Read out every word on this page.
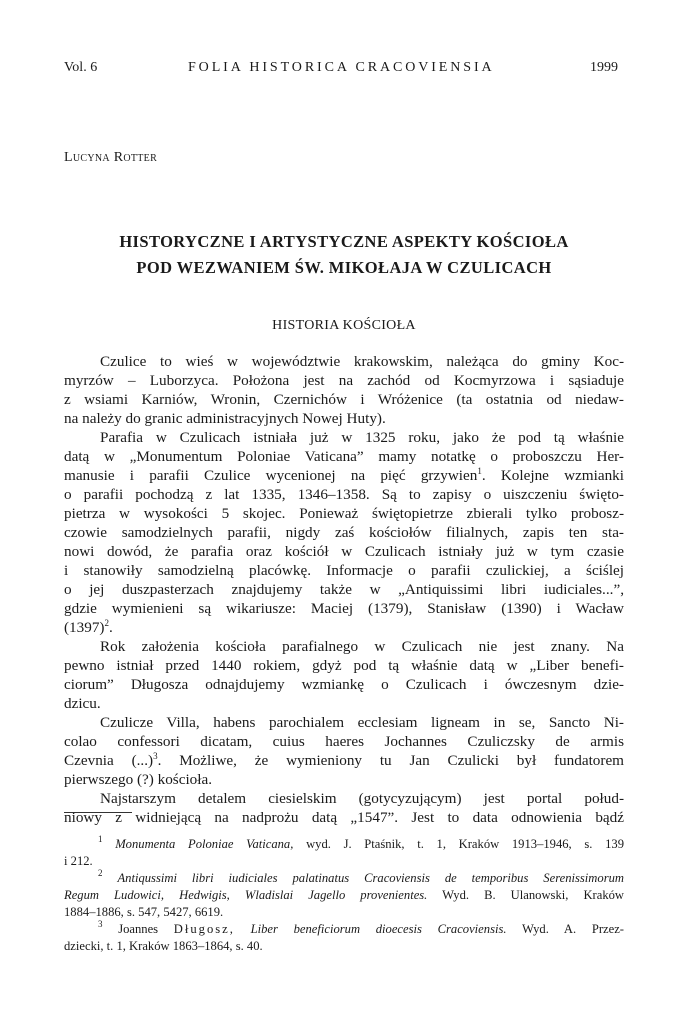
Vol. 6	FOLIA HISTORICA CRACOVIENSIA	1999
Lucyna Rotter
HISTORYCZNE I ARTYSTYCZNE ASPEKTY KOŚCIOŁA
POD WEZWANIEM ŚW. MIKOŁAJA W CZULICACH
HISTORIA KOŚCIOŁA
Czulice to wieś w województwie krakowskim, należąca do gminy Koc-
myrzów – Luborzyca. Położona jest na zachód od Kocmyrzowa i sąsiaduje
z wsiami Karniów, Wronin, Czernichów i Wróżenice (ta ostatnia od niedaw-
na należy do granic administracyjnych Nowej Huty).
Parafia w Czulicach istniała już w 1325 roku, jako że pod tą właśnie
datą w „Monumentum Poloniae Vaticana” mamy notatkę o proboszczu Her-
manusie i parafii Czulice wycenionej na pięć grzywien$^1$. Kolejne wzmianki
o parafii pochodzą z lat 1335, 1346–1358. Są to zapisy o uiszczeniu święto-
pietrza w wysokości 5 skojec. Ponieważ świętopietrze zbierali tylko probosz-
czowie samodzielnych parafii, nigdy zaś kościołów filialnych, zapis ten sta-
nowi dowód, że parafia oraz kościół w Czulicach istniały już w tym czasie
i stanowiły samodzielną placówkę. Informacje o parafii czulickiej, a ściślej
o jej duszpasterzach znajdujemy także w „Antiquissimi libri iudiciales...”,
gdzie wymienieni są wikariusze: Maciej (1379), Stanisław (1390) i Wacław
$(1397)^2$.
Rok założenia kościoła parafialnego w Czulicach nie jest znany. Na
pewno istniał przed 1440 rokiem, gdyż pod tą właśnie datą w „Liber benefi-
ciorum” Długosza odnajdujemy wzmiankę o Czulicach i ówczesnym dzie-
dzicu.
Czulicze Villa, habens parochialem ecclesiam ligneam in se, Sancto Ni-
colao confessori dicatam, cuius haeres Jochannes Czuliczsky de armis
Czevnia (...)$^3$. Możliwe, że wymieniony tu Jan Czulicki był fundatorem
pierwszego (?) kościoła.
Najstarszym detalem ciesielskim (gotycyzującym) jest portal połud-
niowy z widniejącą na nadprożu datą „1547”. Jest to data odnowienia bądź
$^1$ Monumenta Poloniae Vaticana, wyd. J. Ptaśnik, t. 1, Kraków 1913–1946, s. 139
i 212.
$^2$ Antiqussimi libri iudiciales palatinatus Cracoviensis de temporibus Serenissimorum
Regum Ludowici, Hedwigis, Wladislai Jagello provenientes. Wyd. B. Ulanowski, Kraków
1884–1886, s. 547, 5427, 6619.
$^3$ Joannes Długosz, Liber beneficiorum dioecesis Cracoviensis. Wyd. A. Przez-
dziecki, t. 1, Kraków 1863–1864, s. 40.
